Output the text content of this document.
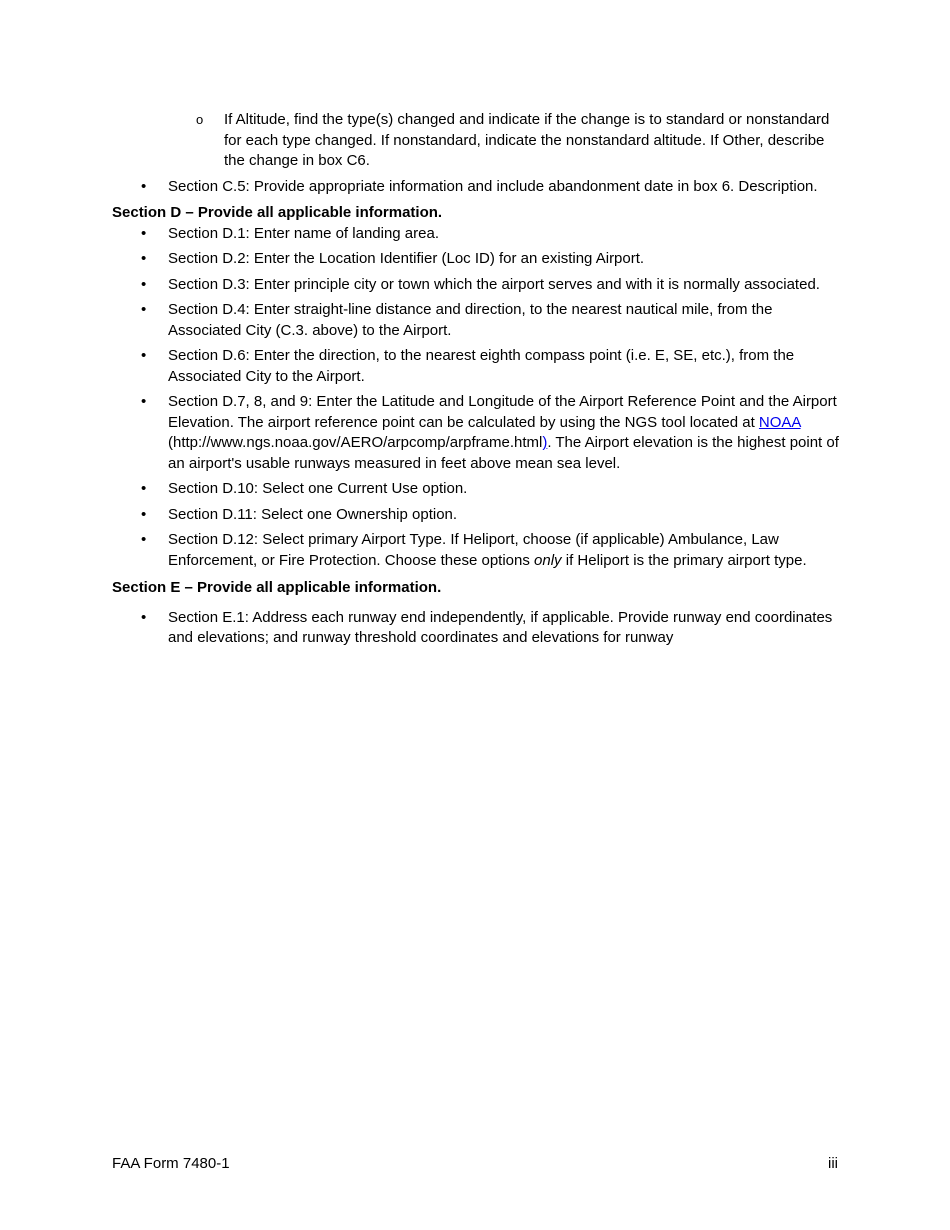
o If Altitude, find the type(s) changed and indicate if the change is to standard or nonstandard for each type changed. If nonstandard, indicate the nonstandard altitude. If Other, describe the change in box C6.
• Section C.5: Provide appropriate information and include abandonment date in box 6. Description.
Section D – Provide all applicable information.
• Section D.1: Enter name of landing area.
• Section D.2: Enter the Location Identifier (Loc ID) for an existing Airport.
• Section D.3: Enter principle city or town which the airport serves and with it is normally associated.
• Section D.4: Enter straight-line distance and direction, to the nearest nautical mile, from the Associated City (C.3. above) to the Airport.
• Section D.6: Enter the direction, to the nearest eighth compass point (i.e. E, SE, etc.), from the Associated City to the Airport.
• Section D.7, 8, and 9: Enter the Latitude and Longitude of the Airport Reference Point and the Airport Elevation. The airport reference point can be calculated by using the NGS tool located at NOAA (http://www.ngs.noaa.gov/AERO/arpcomp/arpframe.html). The Airport elevation is the highest point of an airport's usable runways measured in feet above mean sea level.
• Section D.10: Select one Current Use option.
• Section D.11: Select one Ownership option.
• Section D.12: Select primary Airport Type. If Heliport, choose (if applicable) Ambulance, Law Enforcement, or Fire Protection. Choose these options only if Heliport is the primary airport type.
Section E – Provide all applicable information.
• Section E.1: Address each runway end independently, if applicable. Provide runway end coordinates and elevations; and runway threshold coordinates and elevations for runway
FAA Form 7480-1	iii
